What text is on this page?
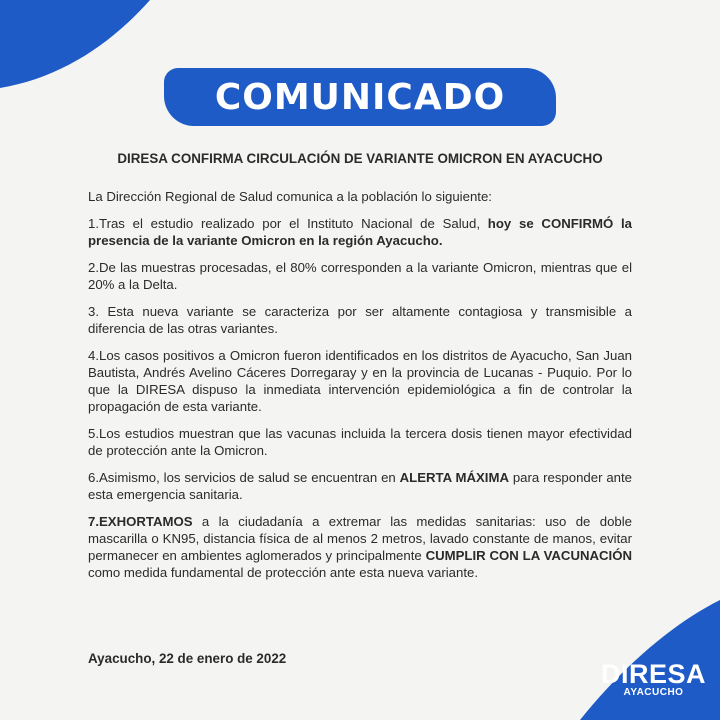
COMUNICADO
DIRESA CONFIRMA CIRCULACIÓN DE VARIANTE OMICRON EN AYACUCHO

La Dirección Regional de Salud comunica a la población lo siguiente:

1.Tras el estudio realizado por el Instituto Nacional de Salud, hoy se CONFIRMÓ la presencia de la variante Omicron en la región Ayacucho.

2.De las muestras procesadas, el 80% corresponden a la variante Omicron, mientras que el 20% a la Delta.

3. Esta nueva variante se caracteriza por ser altamente contagiosa y transmisible a diferencia de las otras variantes.

4.Los casos positivos a Omicron fueron identificados en los distritos de Ayacucho, San Juan Bautista, Andrés Avelino Cáceres Dorregaray y en la provincia de Lucanas - Puquio. Por lo que la DIRESA dispuso la inmediata intervención epidemiológica a fin de controlar la propagación de esta variante.

5.Los estudios muestran que las vacunas incluida la tercera dosis tienen mayor efectividad de protección ante la Omicron.

6.Asimismo, los servicios de salud se encuentran en ALERTA MÁXIMA para responder ante esta emergencia sanitaria.

7.EXHORTAMOS a la ciudadanía a extremar las medidas sanitarias: uso de doble mascarilla o KN95, distancia física de al menos 2 metros, lavado constante de manos, evitar permanecer en ambientes aglomerados y principalmente CUMPLIR CON LA VACUNACIÓN como medida fundamental de protección ante esta nueva variante.

Ayacucho, 22 de enero de 2022
DIRESA
AYACUCHO
